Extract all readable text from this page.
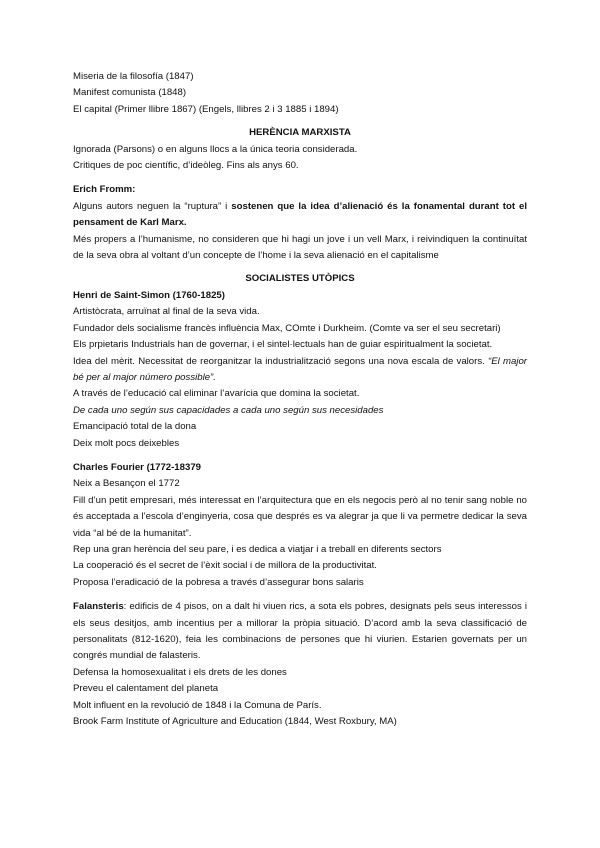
Miseria de la filosofía (1847)

Manifest comunista (1848)

El capital (Primer llibre 1867) (Engels, llibres 2 i 3 1885 i 1894)

HERÈNCIA MARXISTA

Ignorada (Parsons) o en alguns llocs a la única teoria considerada.

Critiques de poc científic, d’ideòleg. Fins als anys 60.

Erich Fromm:

Alguns autors neguen la “ruptura” i sostenen que la idea d’alienació és la fonamental durant tot el pensament de Karl Marx.

Més propers a l’humanisme, no consideren que hi hagi un jove i un vell Marx, i reivindiquen la continuïtat de la seva obra al voltant d’un concepte de l’home i la seva alienació en el capitalisme

SOCIALISTES UTÒPICS

Henri de Saint-Simon (1760-1825)

Artistòcrata, arruïnat al final de la seva vida.

Fundador dels socialisme francès influència Max, COmte i Durkheim. (Comte va ser el seu secretari)

Els prpietaris Industrials han de governar, i el sintel·lectuals han de guiar espiritualment la societat.

Idea del mèrit. Necessitat de reorganitzar la industrialització segons una nova escala de valors. “El major bé per al major número possible”.

A través de l’educació cal eliminar l’avarícia que domina la societat.

De cada uno según sus capacidades a cada uno según sus necesidades

Emancipació total de la dona

Deix molt pocs deixebles

Charles Fourier (1772-18379

Neix a Besançon el 1772

Fill d’un petit empresari, més interessat en l’arquitectura que en els negocis però al no tenir sang noble no és acceptada a l’escola d’enginyeria, cosa que després es va alegrar ja que li va permetre dedicar la seva vida “al bé de la humanitat”.

Rep una gran herència del seu pare, i es dedica a viatjar i a treball en diferents sectors

La cooperació és el secret de l’èxit social i de millora de la productivitat.

Proposa l’eradicació de la pobresa a través d’assegurar bons salaris

Falansteris: edificis de 4 pisos, on a dalt hi viuen rics, a sota els pobres, designats pels seus interessos i els seus desitjos, amb incentius per a millorar la pròpia situació. D’acord amb la seva classificació de personalitats (812-1620), feia les combinacions de persones que hi viurien. Estarien governats per un congrés mundial de falasteris.

Defensa la homosexualitat i els drets de les dones

Preveu el calentament del planeta

Molt influent en la revolució de 1848 i la Comuna de París.

Brook Farm Institute of Agriculture and Education (1844, West Roxbury, MA)
